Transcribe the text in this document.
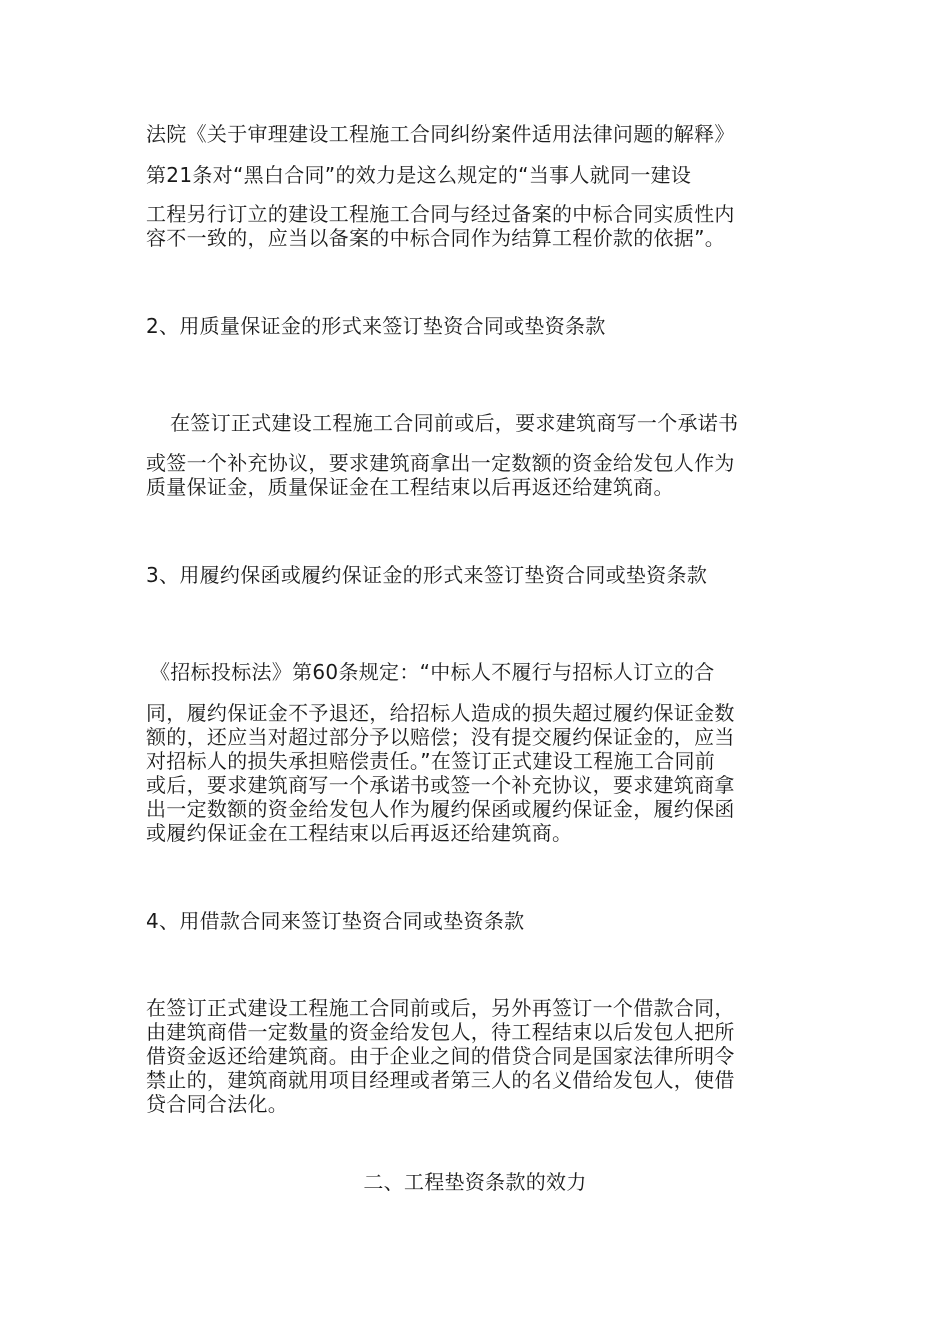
法院《关于审理建设工程施工合同纠纷案件适用法律问题的解释》
第21条对“黑白合同”的效力是这么规定的“当事人就同一建设
工程另行订立的建设工程施工合同与经过备案的中标合同实质性内
容不一致的，应当以备案的中标合同作为结算工程价款的依据”。
2、用质量保证金的形式来签订垫资合同或垫资条款
在签订正式建设工程施工合同前或后，要求建筑商写一个承诺书
或签一个补充协议，要求建筑商拿出一定数额的资金给发包人作为
质量保证金，质量保证金在工程结束以后再返还给建筑商。
3、用履约保函或履约保证金的形式来签订垫资合同或垫资条款
《招标投标法》第60条规定：“中标人不履行与招标人订立的合
同，履约保证金不予退还，给招标人造成的损失超过履约保证金数
额的，还应当对超过部分予以赔偿；没有提交履约保证金的，应当
对招标人的损失承担赔偿责任。”在签订正式建设工程施工合同前
或后，要求建筑商写一个承诺书或签一个补充协议，要求建筑商拿
出一定数额的资金给发包人作为履约保函或履约保证金，履约保函
或履约保证金在工程结束以后再返还给建筑商。
4、用借款合同来签订垫资合同或垫资条款
在签订正式建设工程施工合同前或后，另外再签订一个借款合同，
由建筑商借一定数量的资金给发包人，待工程结束以后发包人把所
借资金返还给建筑商。由于企业之间的借贷合同是国家法律所明令
禁止的，建筑商就用项目经理或者第三人的名义借给发包人，使借
贷合同合法化。
二、工程垫资条款的效力
